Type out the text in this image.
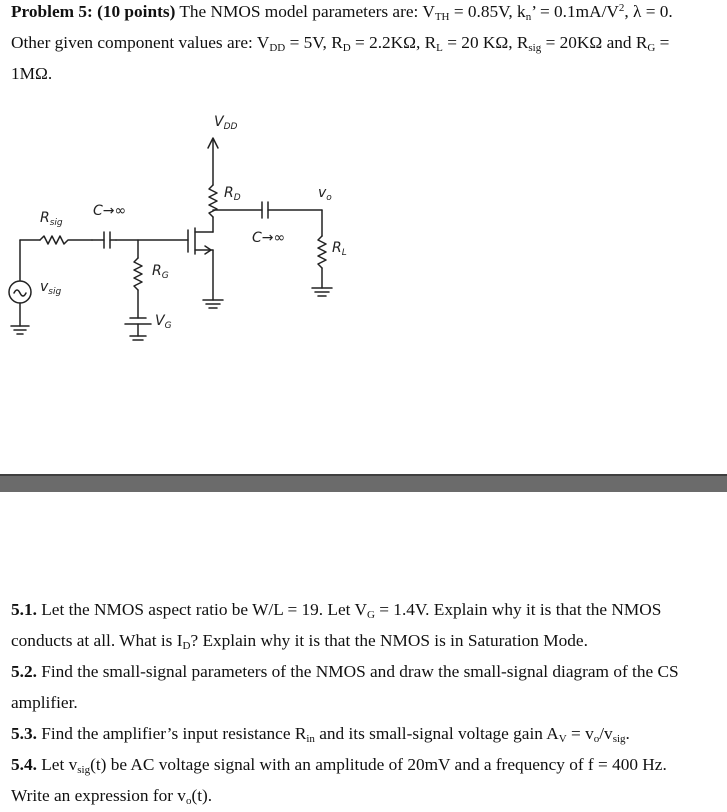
Problem 5: (10 points) The NMOS model parameters are: $V_{TH} = 0.85V$, $k_n$’ = $0.1mA/V^2$, λ = 0.
Other given component values are: $V_{DD} = 5V$, $R_D = 2.2K\Omega$, $R_L = 20$ KΩ, $R_{sig} = 20K\Omega$ and $R_G$ =
1MΩ.
$V_{DD}$
$R_D$	$v_o$
C→∞
C→∞
$R_{sig}$
$v_{sig}$
$R_G$
$V_G$
$R_L$
5.1. Let the NMOS aspect ratio be W/L = 19. Let $V_G = 1.4V$. Explain why it is that the NMOS
conducts at all. What is $I_D$? Explain why it is that the NMOS is in Saturation Mode.
5.2. Find the small-signal parameters of the NMOS and draw the small-signal diagram of the CS
amplifier.
5.3. Find the amplifier’s input resistance $R_{in}$ and its small-signal voltage gain $A_V = v_o/v_{sig}$.
5.4. Let $v_{sig}(t)$ be AC voltage signal with an amplitude of 20mV and a frequency of f = 400 Hz.
Write an expression for $v_o(t)$.
